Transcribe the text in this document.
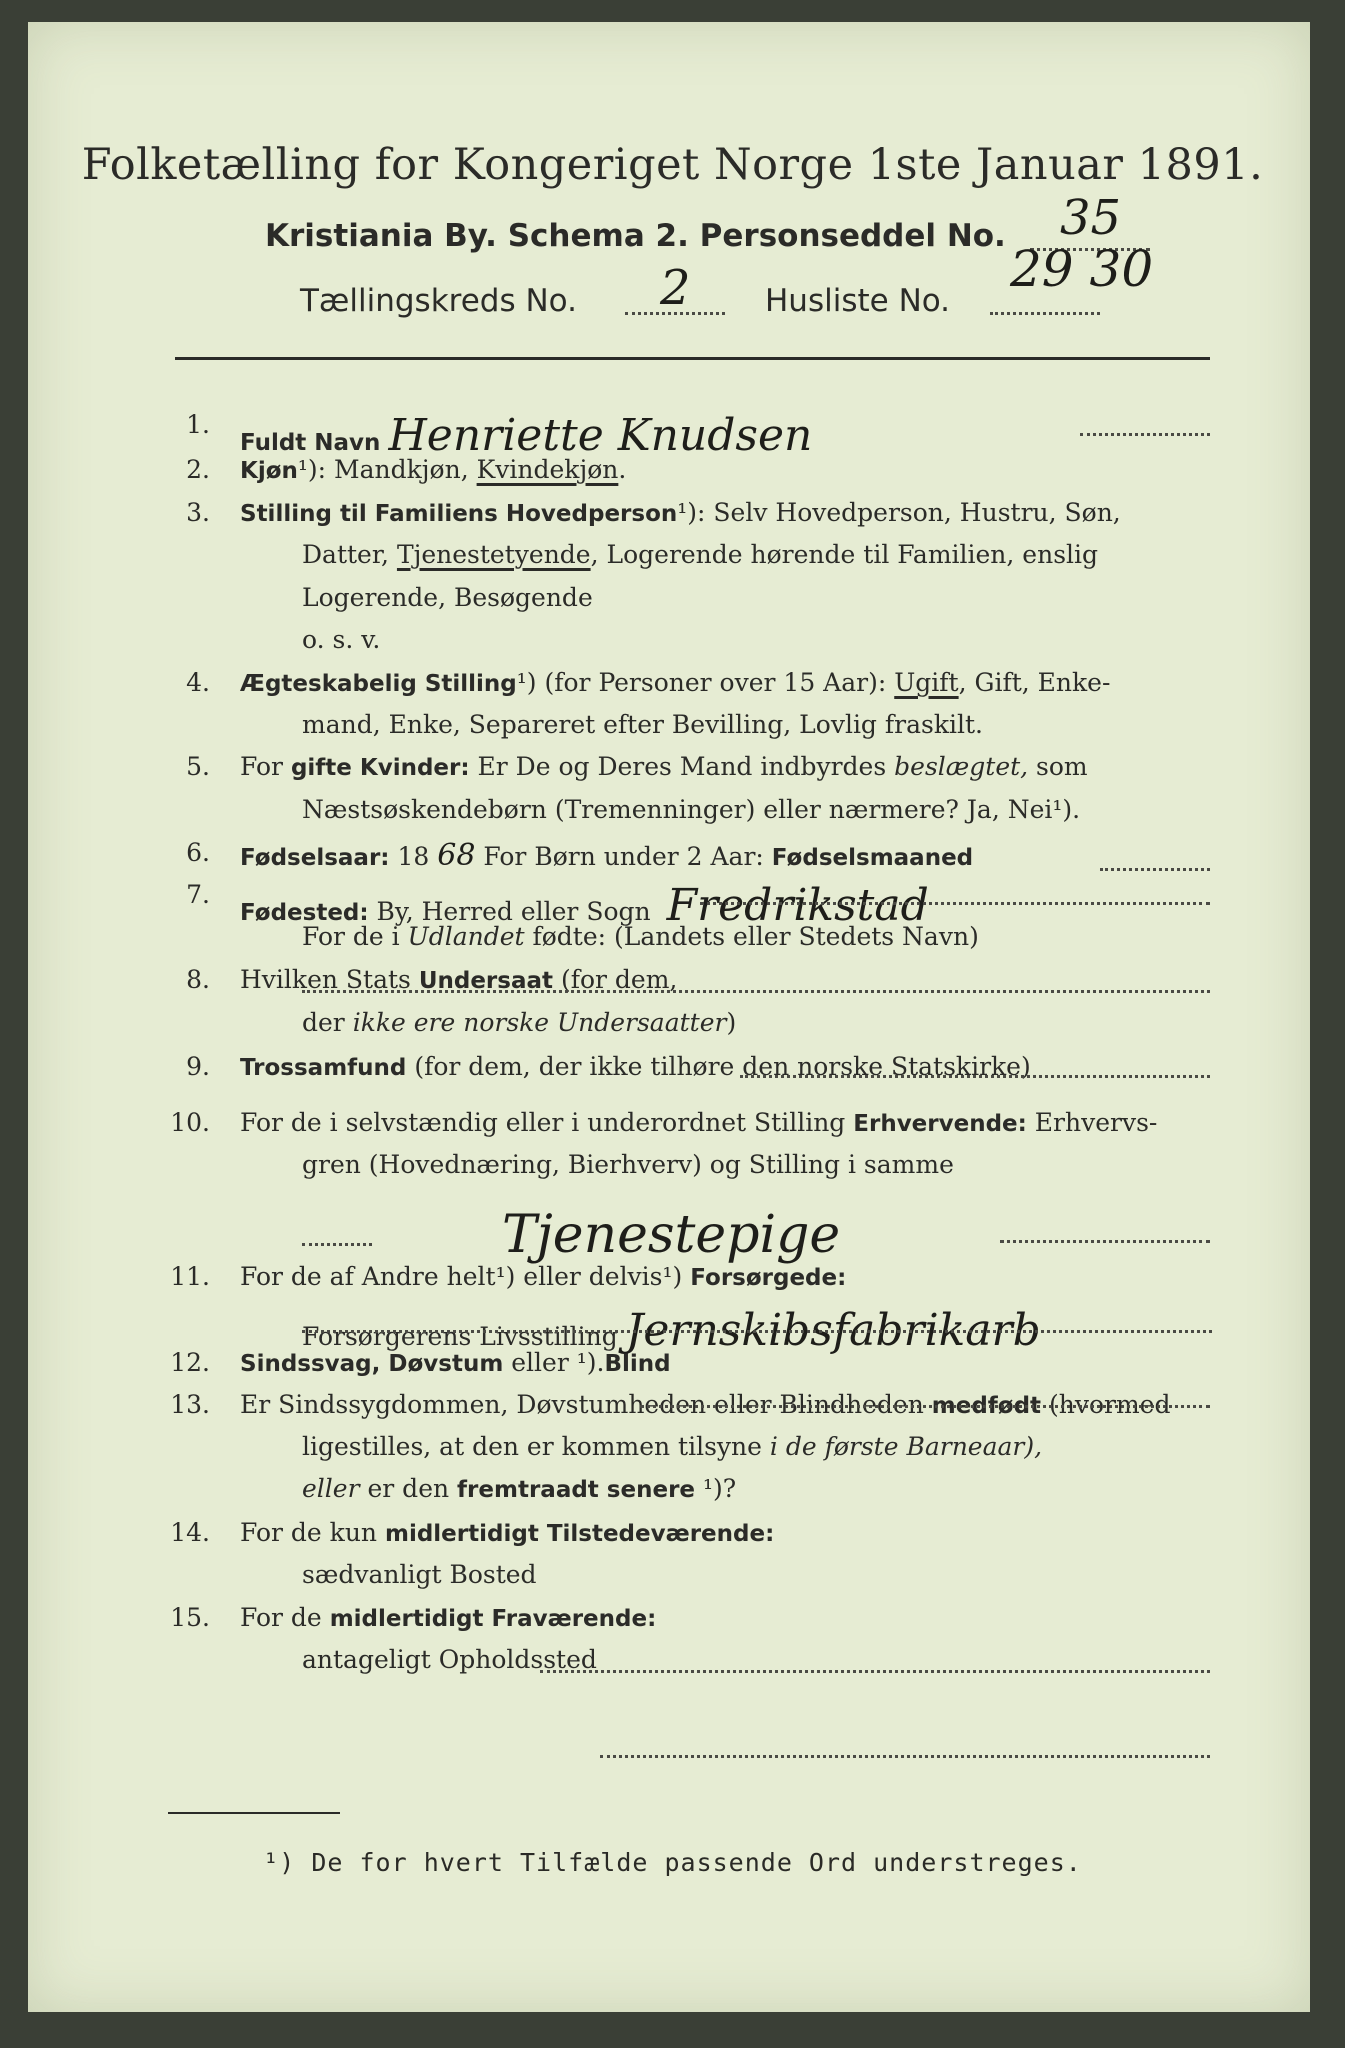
Folketælling for Kongeriget Norge 1ste Januar 1891.
Kristiania By. Schema 2. Personseddel No. 35
Tællingskreds No. 2 Husliste No.
29 30
1.
Fuldt Navn Henriette Knudsen
2. Kjøn¹): Mandkjøn, Kvindekjøn.
3. Stilling til Familiens Hovedperson¹): Selv Hovedperson, Hustru, Søn,
Datter, Tjenestetyende, Logerende hørende til Familien, enslig
Logerende, Besøgende
o. s. v.
4. Ægteskabelig Stilling¹) (for Personer over 15 Aar): Ugift, Gift, Enke-
mand, Enke, Separeret efter Bevilling, Lovlig fraskilt.
5. For gifte Kvinder: Er De og Deres Mand indbyrdes beslægtet, som
Næstsøskendebørn (Tremenninger) eller nærmere? Ja, Nei¹).
6. Fødselsaar: 18 68 For Børn under 2 Aar: Fødselsmaaned
7.
Fødested: By, Herred eller Sogn Fredrikstad
For de i Udlandet fødte: (Landets eller Stedets Navn)
8. Hvilken Stats Undersaat (for dem,
der ikke ere norske Undersaatter)
9. Trossamfund (for dem, der ikke tilhøre den norske Statskirke)
10. For de i selvstændig eller i underordnet Stilling Erhvervende: Erhvervs-
gren (Hovednæring, Bierhverv) og Stilling i samme
Tjenestepige
11. For de af Andre helt¹) eller delvis¹) Forsørgede:
Forsørgerens Livsstilling Jernskibsfabrikarb
12. Sindssvag, Døvstum eller ¹).Blind
13. Er Sindssygdommen, Døvstumheden eller Blindheden medfødt (hvormed
ligestilles, at den er kommen tilsyne i de første Barneaar),
eller er den fremtraadt senere ¹)?
14. For de kun midlertidigt Tilstedeværende:
sædvanligt Bosted
15. For de midlertidigt Fraværende:
antageligt Opholdssted
¹) De for hvert Tilfælde passende Ord understreges.
